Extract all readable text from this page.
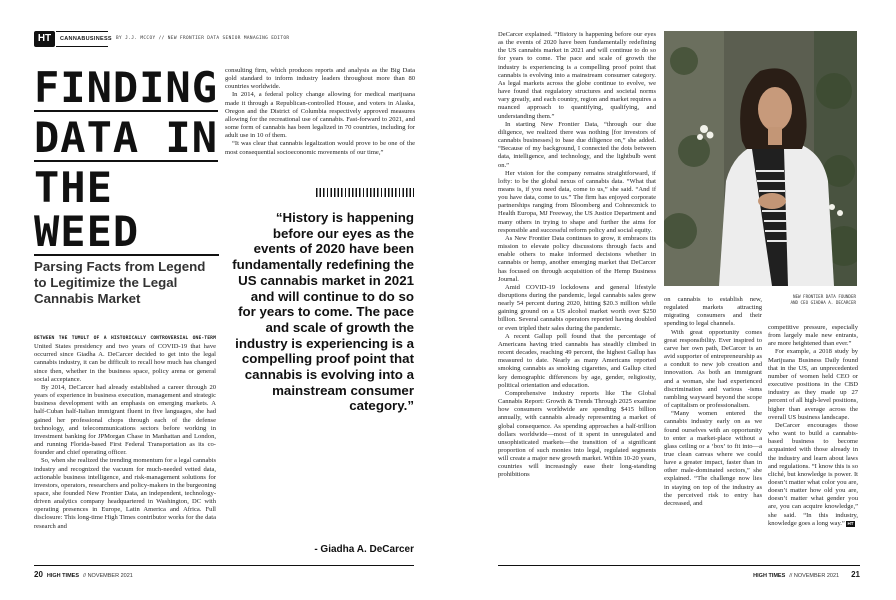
HT	CANNABUSINESS BY J.J. MCCOY // NEW FRONTIER DATA SENIOR MANAGING EDITOR
FINDING
DATA IN
THE WEED
Parsing Facts from Legend to Legitimize the Legal Cannabis Market

BETWEEN THE TUMULT OF A HISTORICALLY CONTROVERSIAL ONE-TERM United States presidency and two years of COVID-19 that have occurred since Giadha A. DeCarcer decided to get into the legal cannabis industry, it can be difficult to recall how much has changed since then, whether in the business space, policy arena or general social acceptance.

By 2014, DeCarcer had already established a career through 20 years of experience in business execution, management and strategic business development with an emphasis on emerging markets. A half-Cuban half-Italian immigrant fluent in five languages, she had gained her professional chops through each of the defense technology, and telecommunications sectors before working in investment banking for JPMorgan Chase in Manhattan and London, and running Florida-based First Federal Transportation as its co-founder and chief operating officer.

So, when she realized the trending momentum for a legal cannabis industry and recognized the vacuum for much-needed vetted data, actionable business intelligence, and risk-management solutions for investors, operators, researchers and policy-makers in the burgeoning space, she founded New Frontier Data, an independent, technology-driven analytics company headquartered in Washington, DC with operating presences in Europe, Latin America and Africa. Full disclosure: This long-time High Times contributor works for the data research and

consulting firm, which produces reports and analysis as the Big Data gold standard to inform industry leaders throughout more than 80 countries worldwide.

In 2014, a federal policy change allowing for medical marijuana made it through a Republican-controlled House, and voters in Alaska, Oregon and the District of Columbia respectively approved measures allowing for the recreational use of cannabis. Fast-forward to 2021, and some form of cannabis has been legalized in 70 countries, including for adult use in 10 of them.

“It was clear that cannabis legalization would prove to be one of the most consequential socioeconomic movements of our time,”

“History is happening before our eyes as the events of 2020 have been fundamentally redefining the US cannabis market in 2021 and will continue to do so for years to come. The pace and scale of growth the industry is experiencing is a compelling proof point that cannabis is evolving into a mainstream consumer category.”
- Giadha A. DeCarcer
20 HIGH TIMES // NOVEMBER 2021

DeCarcer explained. “History is happening before our eyes as the events of 2020 have been fundamentally redefining the US cannabis market in 2021 and will continue to do so for years to come. The pace and scale of growth the industry is experiencing is a compelling proof point that cannabis is evolving into a mainstream consumer category. As legal markets across the globe continue to evolve, we have found that regulatory structures and societal norms vary greatly, and each country, region and market requires a nuanced approach to quantifying, qualifying, and understanding them.”

In starting New Frontier Data, “through our due diligence, we realized there was nothing [for investors of cannabis businesses] to base due diligence on,” she added. “Because of my background, I connected the dots between data, intelligence, and technology, and the lightbulb went on.”

Her vision for the company remains straightforward, if lofty: to be the global nexus of cannabis data. “What that means is, if you need data, come to us,” she said. “And if you have data, come to us.” The firm has enjoyed corporate partnerships ranging from Bloomberg and Cohnreznick to Health Europa, MJ Freeway, the US Justice Department and many others in trying to shape and further the aims for responsible and successful reform policy and social equity.

As New Frontier Data continues to grow, it embraces its mission to elevate policy discussions through facts and enable others to make informed decisions whether in cannabis or hemp, another emerging market that DeCarcer has focused on through acquisition of the Hemp Business Journal.

Amid COVID-19 lockdowns and general lifestyle disruptions during the pandemic, legal cannabis sales grew nearly 54 percent during 2020, hitting $20.3 million while gaining ground on a US alcohol market worth over $250 billion. Several cannabis operators reported having doubled or even tripled their sales during the pandemic.

A recent Gallup poll found that the percentage of Americans having tried cannabis has steadily climbed in recent decades, reaching 49 percent, the highest Gallup has measured to date. Nearly as many Americans reported smoking cannabis as smoking cigarettes, and Gallup cited key demographic differences by age, gender, religiosity, political orientation and education.

Comprehensive industry reports like The Global Cannabis Report: Growth & Trends Through 2025 examine how consumers worldwide are spending $415 billion annually, with cannabis already representing a market of global consequence. As spending approaches a half-trillion dollars worldwide—most of it spent in unregulated and unsophisticated markets—the transition of a significant proportion of such monies into legal, regulated segments will create a major new growth market. Within 10-20 years, countries will increasingly ease their long-standing prohibitions

NEW FRONTIER DATA FOUNDER
AND CEO GIADHA A. DECARCER

on cannabis to establish new, regulated markets attracting migrating consumers and their spending to legal channels.

With great opportunity comes great responsibility. Ever inspired to carve her own path, DeCarcer is an avid supporter of entrepreneurship as a conduit to new job creation and innovation. As both an immigrant and a woman, she had experienced discrimination and various -isms rambling wayward beyond the scope of capitalism or professionalism.

“Many women entered the cannabis industry early on as we found ourselves with an opportunity to enter a market-place without a glass ceiling or a ‘box’ to fit into—a true clean canvas where we could have a greater impact, faster than in other male-dominated sectors,” she explained. “The challenge now lies in staying on top of the industry as the perceived risk to entry has decreased, and

competitive pressure, especially from largely male new entrants, are more heightened than ever.”

For example, a 2018 study by Marijuana Business Daily found that in the US, an unprecedented number of women held CEO or executive positions in the CBD industry as they made up 27 percent of all high-level positions, higher than average across the overall US business landscape.

DeCarcer encourages those who want to build a cannabis-based business to become acquainted with those already in the industry and learn about laws and regulations. “I know this is so cliché, but knowledge is power. It doesn’t matter what color you are, doesn’t matter how old you are, doesn’t matter what gender you are, you can acquire knowledge,” she said. “In this industry, knowledge goes a long way.” HT

HIGH TIMES // NOVEMBER 2021 21
